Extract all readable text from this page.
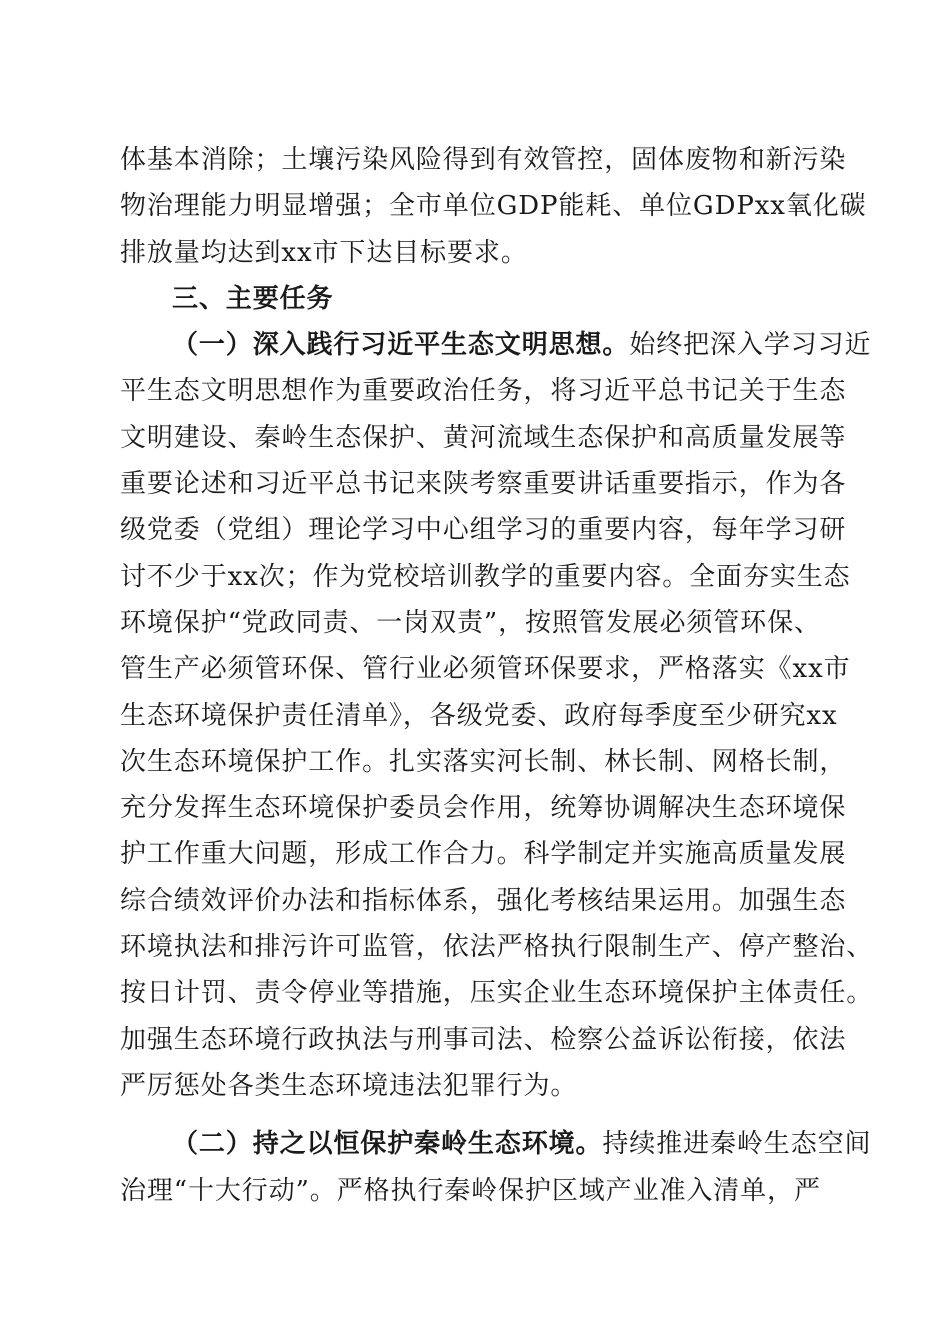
体基本消除；土壤污染风险得到有效管控，固体废物和新污染
物治理能力明显增强；全市单位GDP能耗、单位GDPxx氧化碳
排放量均达到xx市下达目标要求。
三、主要任务
（一）深入践行习近平生态文明思想。始终把深入学习习近
平生态文明思想作为重要政治任务，将习近平总书记关于生态
文明建设、秦岭生态保护、黄河流域生态保护和高质量发展等
重要论述和习近平总书记来陕考察重要讲话重要指示，作为各
级党委（党组）理论学习中心组学习的重要内容，每年学习研
讨不少于xx次；作为党校培训教学的重要内容。全面夯实生态
环境保护“党政同责、一岗双责”，按照管发展必须管环保、
管生产必须管环保、管行业必须管环保要求，严格落实《xx市
生态环境保护责任清单》，各级党委、政府每季度至少研究xx
次生态环境保护工作。扎实落实河长制、林长制、网格长制，
充分发挥生态环境保护委员会作用，统筹协调解决生态环境保
护工作重大问题，形成工作合力。科学制定并实施高质量发展
综合绩效评价办法和指标体系，强化考核结果运用。加强生态
环境执法和排污许可监管，依法严格执行限制生产、停产整治、
按日计罚、责令停业等措施，压实企业生态环境保护主体责任。
加强生态环境行政执法与刑事司法、检察公益诉讼衔接，依法
严厉惩处各类生态环境违法犯罪行为。
（二）持之以恒保护秦岭生态环境。持续推进秦岭生态空间
治理“十大行动”。严格执行秦岭保护区域产业准入清单，严
